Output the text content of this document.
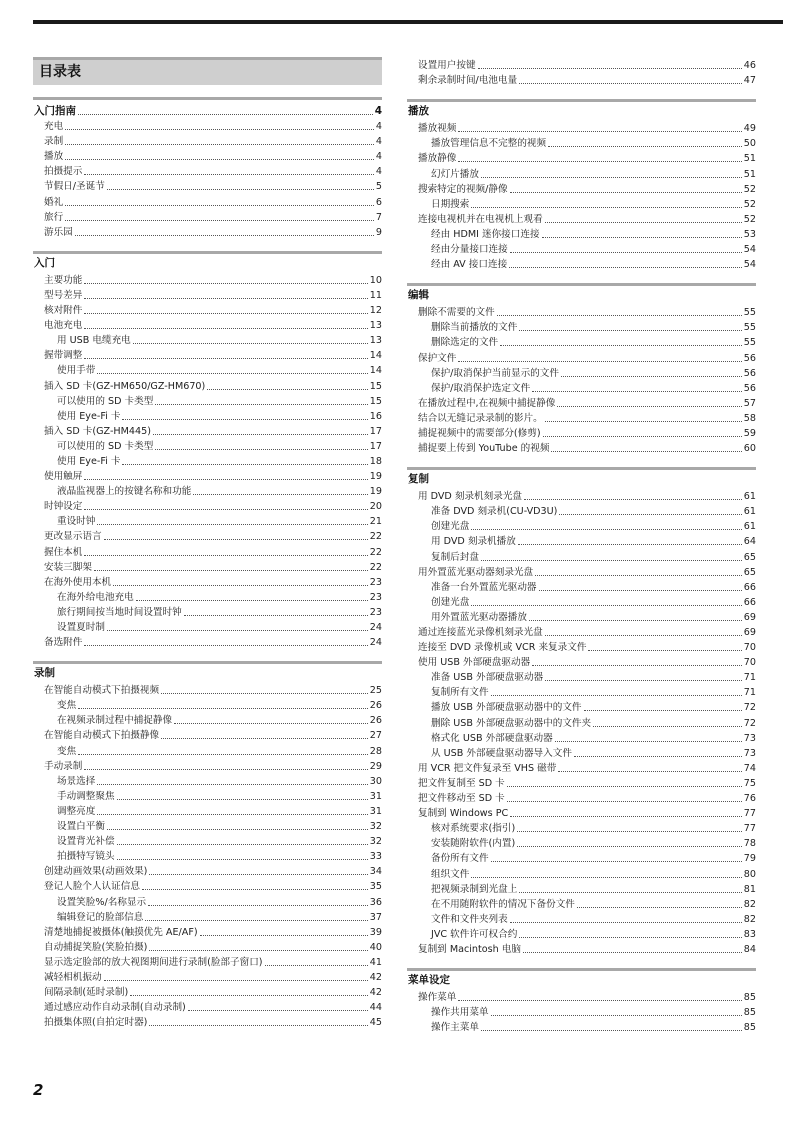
目录表
入门指南	4
充电	4
录制	4
播放	4
拍摄提示	4
节假日/圣诞节	5
婚礼	6
旅行	7
游乐园	9
入门
主要功能	10
型号差异	11
核对附件	12
电池充电	13
用 USB 电缆充电	13
握带调整	14
使用手带	14
插入 SD 卡(GZ-HM650/GZ-HM670)	15
可以使用的 SD 卡类型	15
使用 Eye-Fi 卡	16
插入 SD 卡(GZ-HM445)	17
可以使用的 SD 卡类型	17
使用 Eye-Fi 卡	18
使用触屏	19
液晶监视器上的按键名称和功能	19
时钟设定	20
重设时钟	21
更改显示语言	22
握住本机	22
安装三脚架	22
在海外使用本机	23
在海外给电池充电	23
旅行期间按当地时间设置时钟	23
设置夏时制	24
备选附件	24
录制
在智能自动模式下拍摄视频	25
变焦	26
在视频录制过程中捕捉静像	26
在智能自动模式下拍摄静像	27
变焦	28
手动录制	29
场景选择	30
手动调整聚焦	31
调整亮度	31
设置白平衡	32
设置背光补偿	32
拍摄特写镜头	33
创建动画效果(动画效果)	34
登记人脸个人认证信息	35
设置笑脸%/名称显示	36
编辑登记的脸部信息	37
清楚地捕捉被摄体(触摸优先 AE/AF)	39
自动捕捉笑脸(笑脸拍摄)	40
显示选定脸部的放大视图期间进行录制(脸部子窗口)	41
减轻相机振动	42
间隔录制(延时录制)	42
通过感应动作自动录制(自动录制)	44
拍摄集体照(自拍定时器)	45
设置用户按键	46
剩余录制时间/电池电量	47
播放
播放视频	49
播放管理信息不完整的视频	50
播放静像	51
幻灯片播放	51
搜索特定的视频/静像	52
日期搜索	52
连接电视机并在电视机上观看	52
经由 HDMI 迷你接口连接	53
经由分量接口连接	54
经由 AV 接口连接	54
编辑
删除不需要的文件	55
删除当前播放的文件	55
删除选定的文件	55
保护文件	56
保护/取消保护当前显示的文件	56
保护/取消保护选定文件	56
在播放过程中,在视频中捕捉静像	57
结合以无缝记录录制的影片。	58
捕捉视频中的需要部分(修剪)	59
捕捉要上传到 YouTube 的视频	60
复制
用 DVD 刻录机刻录光盘	61
准备 DVD 刻录机(CU-VD3U)	61
创建光盘	61
用 DVD 刻录机播放	64
复制后封盘	65
用外置蓝光驱动器刻录光盘	65
准备一台外置蓝光驱动器	66
创建光盘	66
用外置蓝光驱动器播放	69
通过连接蓝光录像机刻录光盘	69
连接至 DVD 录像机或 VCR 来复录文件	70
使用 USB 外部硬盘驱动器	70
准备 USB 外部硬盘驱动器	71
复制所有文件	71
播放 USB 外部硬盘驱动器中的文件	72
删除 USB 外部硬盘驱动器中的文件夹	72
格式化 USB 外部硬盘驱动器	73
从 USB 外部硬盘驱动器导入文件	73
用 VCR 把文件复录至 VHS 磁带	74
把文件复制至 SD 卡	75
把文件移动至 SD 卡	76
复制到 Windows PC	77
核对系统要求(指引)	77
安装随附软件(内置)	78
备份所有文件	79
组织文件	80
把视频录制到光盘上	81
在不用随附软件的情况下备份文件	82
文件和文件夹列表	82
JVC 软件许可权合约	83
复制到 Macintosh 电脑	84
菜单设定
操作菜单	85
操作共用菜单	85
操作主菜单	85
2
